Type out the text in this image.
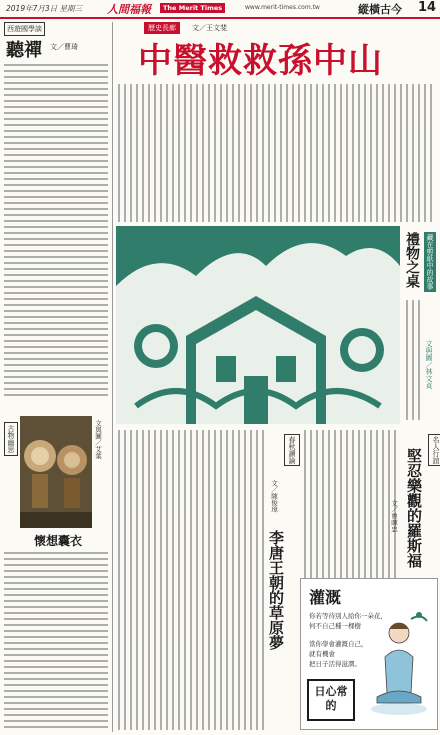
2019年7月3日 星期三 人間福報	The Merit Times	ww​w.merit-times.com.tw	縱橫古今 14
西遊國學談
聽禪 文／曹琦
古物幽思	文與圖／艾葉
懷想囊衣
歷史長廊	文／王文斐
中醫救救孫中山
禮物之桌 藏在剪紙中的故事
文與圖／林文貞
春秋讀論
文／陳俊璋
李唐王朝的草原夢
名人行誼
堅忍樂觀的羅斯福
文／曾暉忠
灌溉
你若等待別人給你一朵花，
何不自己種一棵樹
當你學會灌溉自己，
就有機會
把日子活得滋潤。
日心常的
